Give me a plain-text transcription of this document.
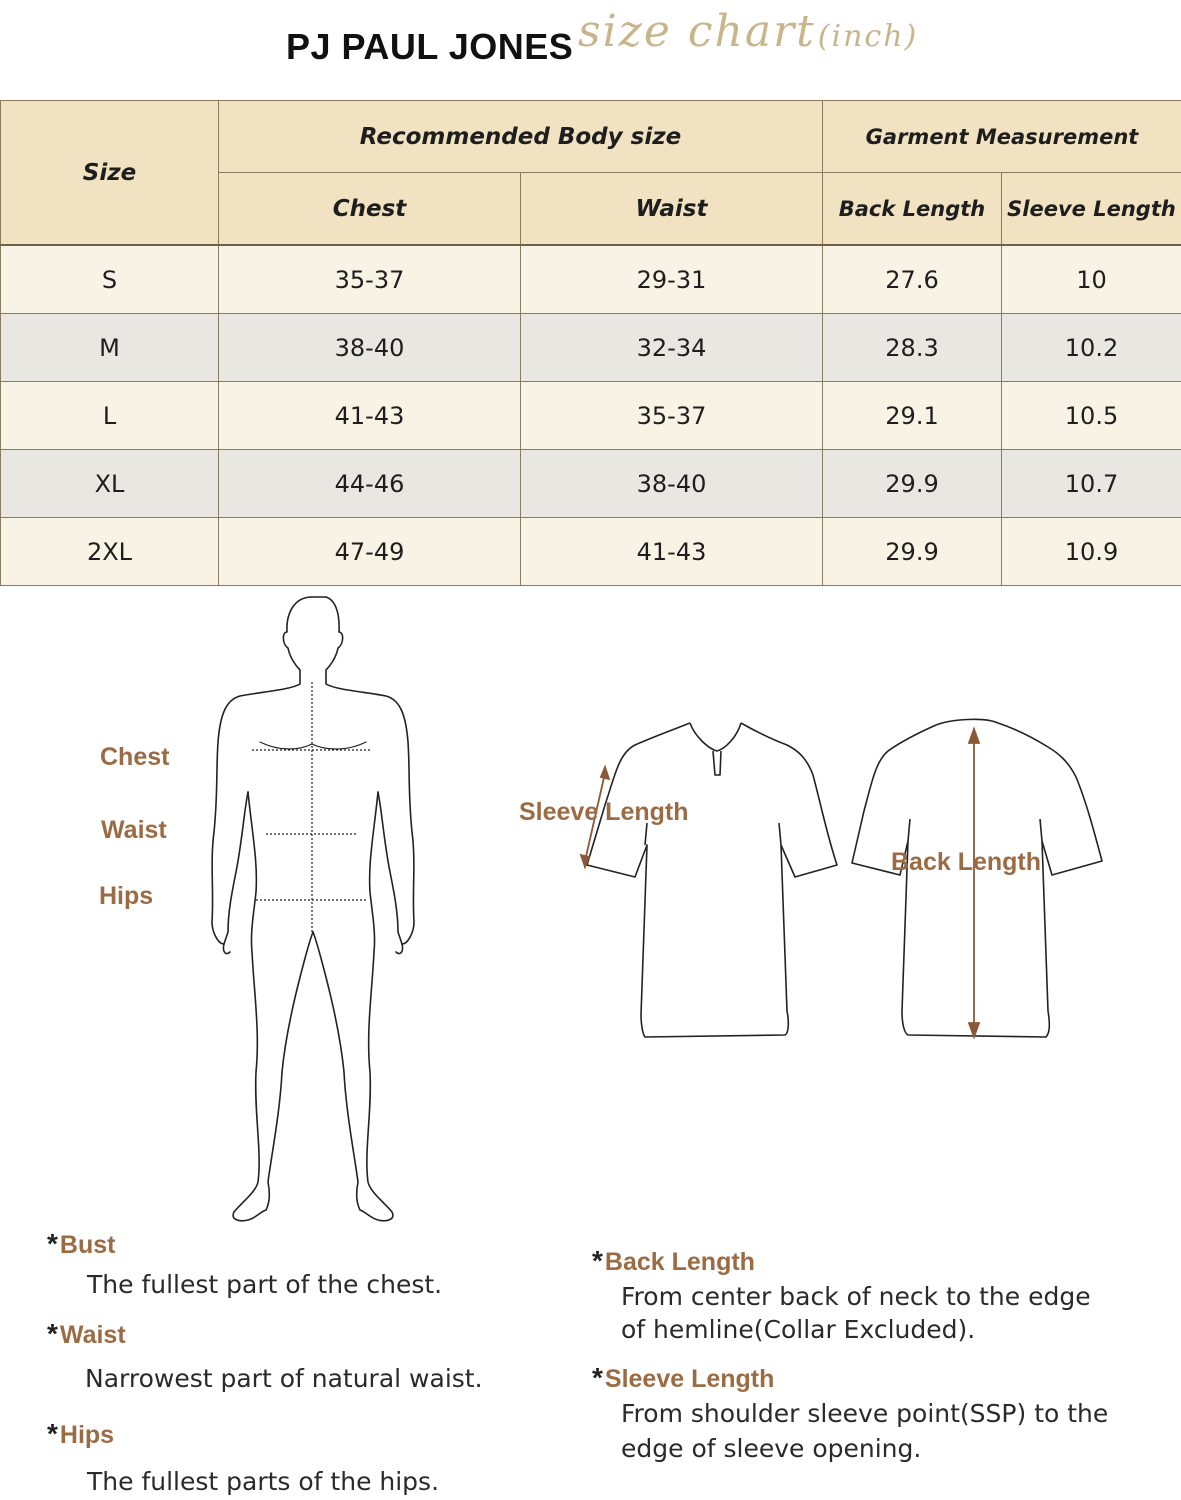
PJ PAUL JONES size chart(inch)
Size	Recommended Body size		Garment Measurement	
	Chest	Waist	Back Length	Sleeve Length
S	35-37	29-31	27.6	10
M	38-40	32-34	28.3	10.2
L	41-43	35-37	29.1	10.5
XL	44-46	38-40	29.9	10.7
2XL	47-49	41-43	29.9	10.9
Chest
Waist
Hips
Sleeve Length
Back Length
*Bust
The fullest part of the chest.
*Waist
Narrowest part of natural waist.
*Hips
The fullest parts of the hips.
*Back Length
From center back of neck to the edge
of hemline(Collar Excluded).
*Sleeve Length
From shoulder sleeve point(SSP) to the
edge of sleeve opening.
